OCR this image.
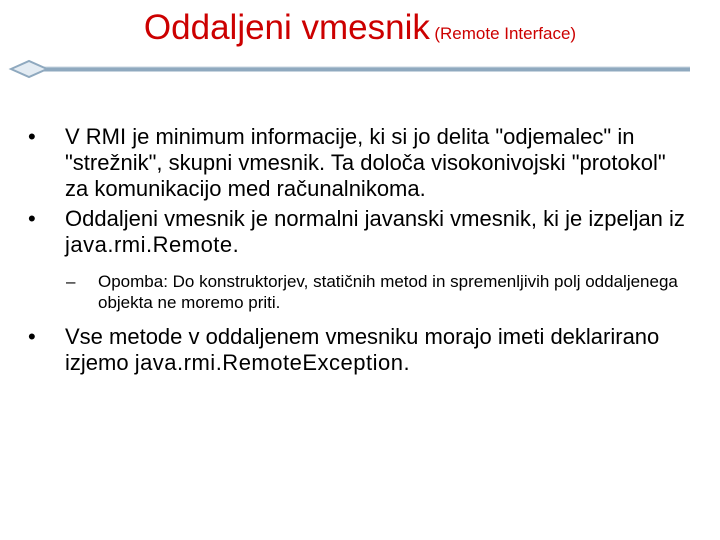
Oddaljeni vmesnik (Remote Interface)
• V RMI je minimum informacije, ki si jo delita "odjemalec" in "strežnik", skupni vmesnik. Ta določa visokonivojski "protokol" za komunikacijo med računalnikoma.
• Oddaljeni vmesnik je normalni javanski vmesnik, ki je izpeljan iz java.rmi.Remote.
– Opomba: Do konstruktorjev, statičnih metod in spremenljivih polj oddaljenega objekta ne moremo priti.
• Vse metode v oddaljenem vmesniku morajo imeti deklarirano izjemo java.rmi.RemoteException.
